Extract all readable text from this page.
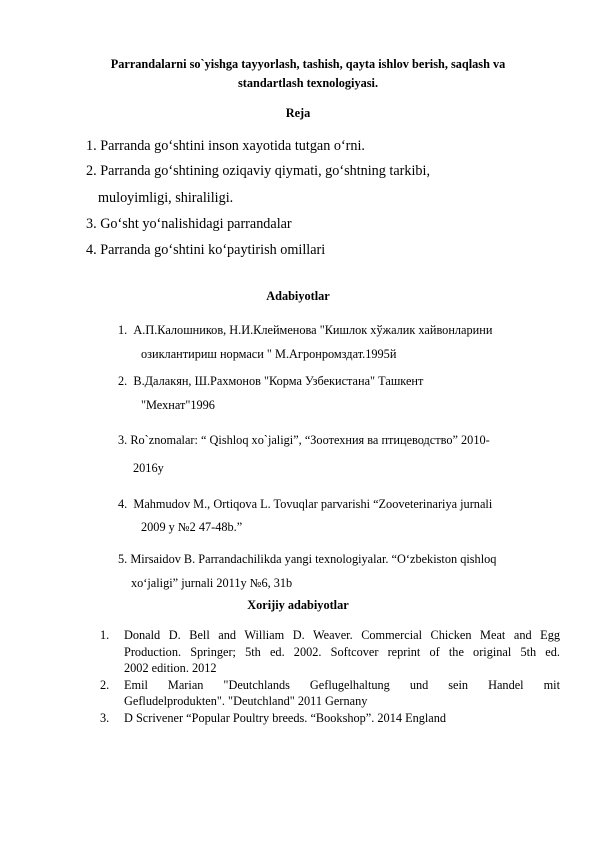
Parrandalarni so`yishga tayyorlash, tashish, qayta ishlov berish, saqlash va
standartlash texnologiyasi.
Reja
1. Parranda go‘shtini inson xayotida tutgan o‘rni.
2. Parranda go‘shtining oziqaviy qiymati, go‘shtning tarkibi,
muloyimligi, shiraliligi.
3. Go‘sht yo‘nalishidagi parrandalar
4. Parranda go‘shtini ko‘paytirish omillari
Adabiyotlar
1. А.П.Калошников, Н.И.Клейменова "Кишлок хўжалик хайвонларини
озиклантириш нормаси " М.Агронромздат.1995й
2. В.Далакян, Ш.Рахмонов "Корма Узбекистана" Ташкент
"Мехнат"1996
3. Ro`znomalar: “ Qishloq xo`jaligi”, “Зоотехния ва птицеводство” 2010-
2016y
4. Mahmudov M., Ortiqova L. Tovuqlar parvarishi “Zooveterinariya jurnali
2009 y №2 47-48b.”
5. Mirsaidov B. Parrandachilikda yangi texnologiyalar. “O‘zbekiston qishloq
xo‘jaligi” jurnali 2011y №6, 31b
Xorijiy adabiyotlar
1. Donald D. Bell and William D. Weaver. Commercial Chicken Meat and Egg
Production. Springer; 5th ed. 2002. Softcover reprint of the original 5th ed.
2002 edition. 2012
2. Emil Marian "Deutchlands Geflugelhaltung und sein Handel mit
Gefludelprodukten". "Deutchland" 2011 Gernany
3. D Scrivener “Popular Poultry breeds. “Bookshop”. 2014 England
